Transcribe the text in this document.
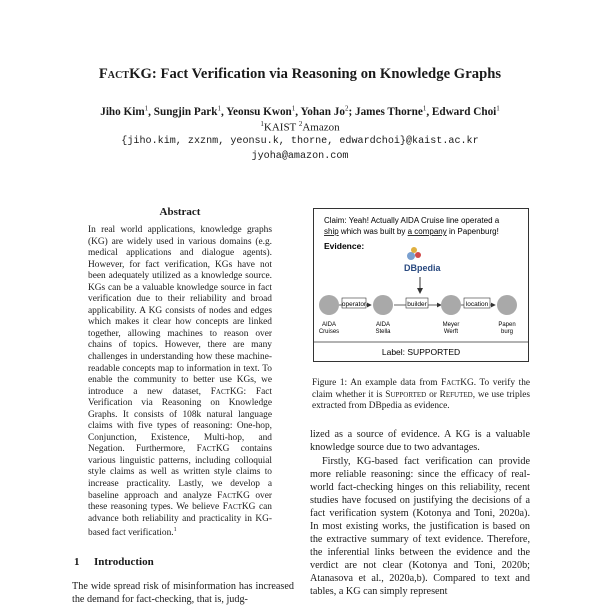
FactKG: Fact Verification via Reasoning on Knowledge Graphs
Jiho Kim$^1$, Sungjin Park$^1$, Yeonsu Kwon$^1$, Yohan Jo$^2$; James Thorne$^1$, Edward Choi$^1$
$^1$KAIST $^2$Amazon
{jiho.kim, zxznm, yeonsu.k, thorne, edwardchoi}@kaist.ac.kr
jyoha@amazon.com
Abstract
In real world applications, knowledge graphs (KG) are widely used in various domains (e.g. medical applications and dialogue agents). However, for fact verification, KGs have not been adequately utilized as a knowledge source. KGs can be a valuable knowledge source in fact verification due to their reliability and broad applicability. A KG consists of nodes and edges which makes it clear how concepts are linked together, allowing machines to reason over chains of topics. However, there are many challenges in understanding how these machine-readable concepts map to information in text. To enable the community to better use KGs, we introduce a new dataset, FactKG: Fact Verification via Reasoning on Knowledge Graphs. It consists of 108k natural language claims with five types of reasoning: One-hop, Conjunction, Existence, Multi-hop, and Negation. Furthermore, FactKG contains various linguistic patterns, including colloquial style claims as well as written style claims to increase practicality. Lastly, we develop a baseline approach and analyze FactKG over these reasoning types. We believe FactKG can advance both reliability and practicality in KG-based fact verification.$^1$
1 Introduction
The wide spread risk of misinformation has increased the demand for fact-checking, that is, judg-
Claim: Yeah! Actually AIDA Cruise line operated a
ship which was built by a company in Papenburg!
Evidence:
DBpedia
operator	builder	location
AIDA
Cruises
AIDA
Stella
Meyer
Werft
Papen
burg
Label: SUPPORTED
Figure 1: An example data from FactKG. To verify the claim whether it is Supported or Refuted, we use triples extracted from DBpedia as evidence.
lized as a source of evidence. A KG is a valuable knowledge source due to two advantages.
Firstly, KG-based fact verification can provide more reliable reasoning: since the efficacy of real-world fact-checking hinges on this reliability, recent studies have focused on justifying the decisions of a fact verification system (Kotonya and Toni, 2020a). In most existing works, the justification is based on the extractive summary of text evidence. Therefore, the inferential links between the evidence and the verdict are not clear (Kotonya and Toni, 2020b; Atanasova et al., 2020a,b). Compared to text and tables, a KG can simply represent
